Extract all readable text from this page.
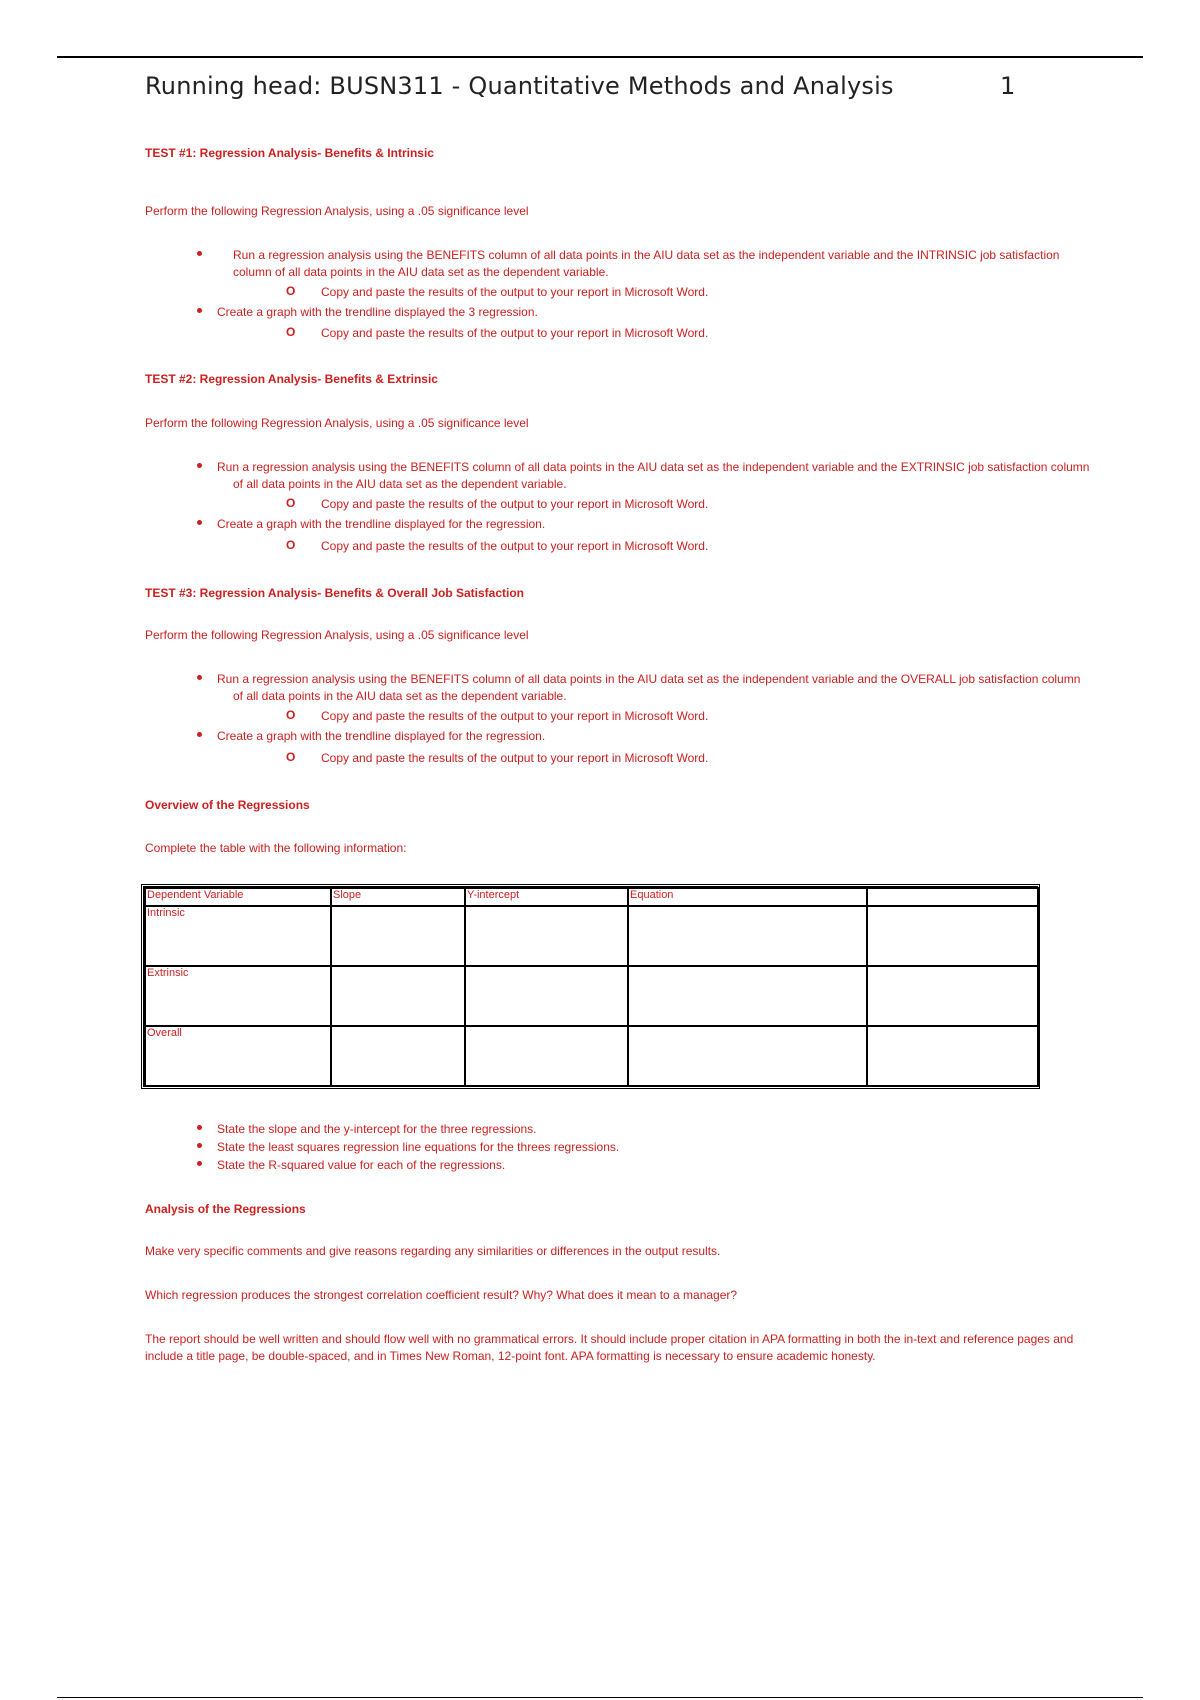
Running head: BUSN311 - Quantitative Methods and Analysis	1
TEST #1: Regression Analysis- Benefits & Intrinsic
Perform the following Regression Analysis, using a .05 significance level
Run a regression analysis using the BENEFITS column of all data points in the AIU data set as the independent variable and the INTRINSIC job satisfaction column of all data points in the AIU data set as the dependent variable.
O Copy and paste the results of the output to your report in Microsoft Word.
Create a graph with the trendline displayed the 3 regression.
O Copy and paste the results of the output to your report in Microsoft Word.
TEST #2: Regression Analysis- Benefits & Extrinsic
Perform the following Regression Analysis, using a .05 significance level
Run a regression analysis using the BENEFITS column of all data points in the AIU data set as the independent variable and the EXTRINSIC job satisfaction column of all data points in the AIU data set as the dependent variable.
O Copy and paste the results of the output to your report in Microsoft Word.
Create a graph with the trendline displayed for the regression.
O Copy and paste the results of the output to your report in Microsoft Word.
TEST #3: Regression Analysis- Benefits & Overall Job Satisfaction
Perform the following Regression Analysis, using a .05 significance level
Run a regression analysis using the BENEFITS column of all data points in the AIU data set as the independent variable and the OVERALL job satisfaction column of all data points in the AIU data set as the dependent variable.
O Copy and paste the results of the output to your report in Microsoft Word.
Create a graph with the trendline displayed for the regression.
O Copy and paste the results of the output to your report in Microsoft Word.
Overview of the Regressions
Complete the table with the following information:
Dependent Variable	Slope	Y-intercept	Equation	
Intrinsic				
Extrinsic				
Overall				
State the slope and the y-intercept for the three regressions.
State the least squares regression line equations for the threes regressions.
State the R-squared value for each of the regressions.
Analysis of the Regressions
Make very specific comments and give reasons regarding any similarities or differences in the output results.
Which regression produces the strongest correlation coefficient result? Why? What does it mean to a manager?
The report should be well written and should flow well with no grammatical errors. It should include proper citation in APA formatting in both the in-text and reference pages and include a title page, be double-spaced, and in Times New Roman, 12-point font. APA formatting is necessary to ensure academic honesty.
